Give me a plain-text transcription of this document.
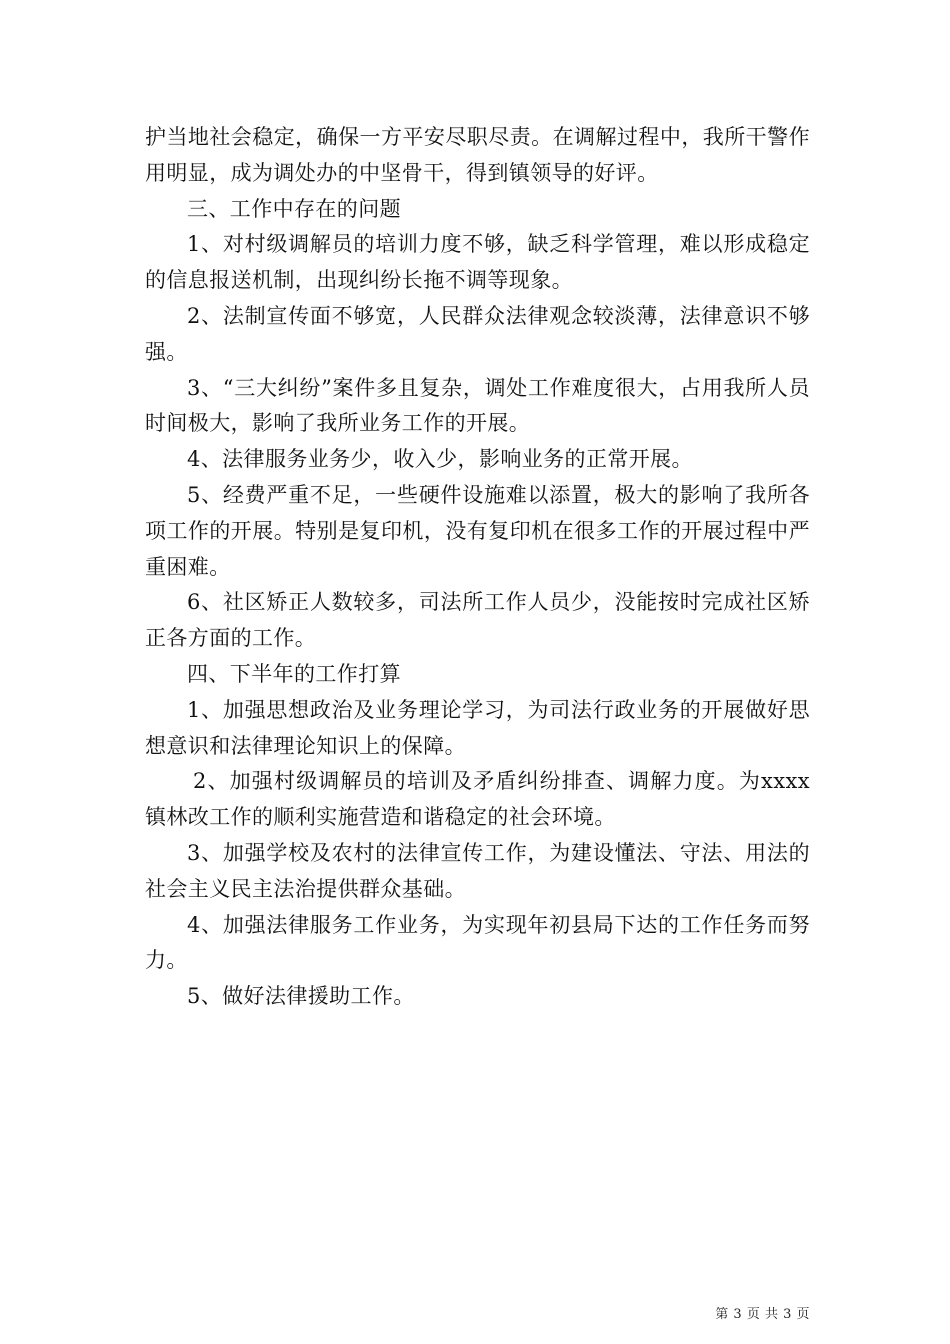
护当地社会稳定，确保一方平安尽职尽责。在调解过程中，我所干警作用明显，成为调处办的中坚骨干，得到镇领导的好评。

三、工作中存在的问题

1、对村级调解员的培训力度不够，缺乏科学管理，难以形成稳定的信息报送机制，出现纠纷长拖不调等现象。

2、法制宣传面不够宽，人民群众法律观念较淡薄，法律意识不够强。

3、“三大纠纷”案件多且复杂，调处工作难度很大，占用我所人员时间极大，影响了我所业务工作的开展。

4、法律服务业务少，收入少，影响业务的正常开展。

5、经费严重不足，一些硬件设施难以添置，极大的影响了我所各项工作的开展。特别是复印机，没有复印机在很多工作的开展过程中严重困难。

6、社区矫正人数较多，司法所工作人员少，没能按时完成社区矫正各方面的工作。

四、下半年的工作打算

1、加强思想政治及业务理论学习，为司法行政业务的开展做好思想意识和法律理论知识上的保障。

2、加强村级调解员的培训及矛盾纠纷排查、调解力度。为xxxx镇林改工作的顺利实施营造和谐稳定的社会环境。

3、加强学校及农村的法律宣传工作，为建设懂法、守法、用法的社会主义民主法治提供群众基础。

4、加强法律服务工作业务，为实现年初县局下达的工作任务而努力。

5、做好法律援助工作。

第 3 页 共 3 页
